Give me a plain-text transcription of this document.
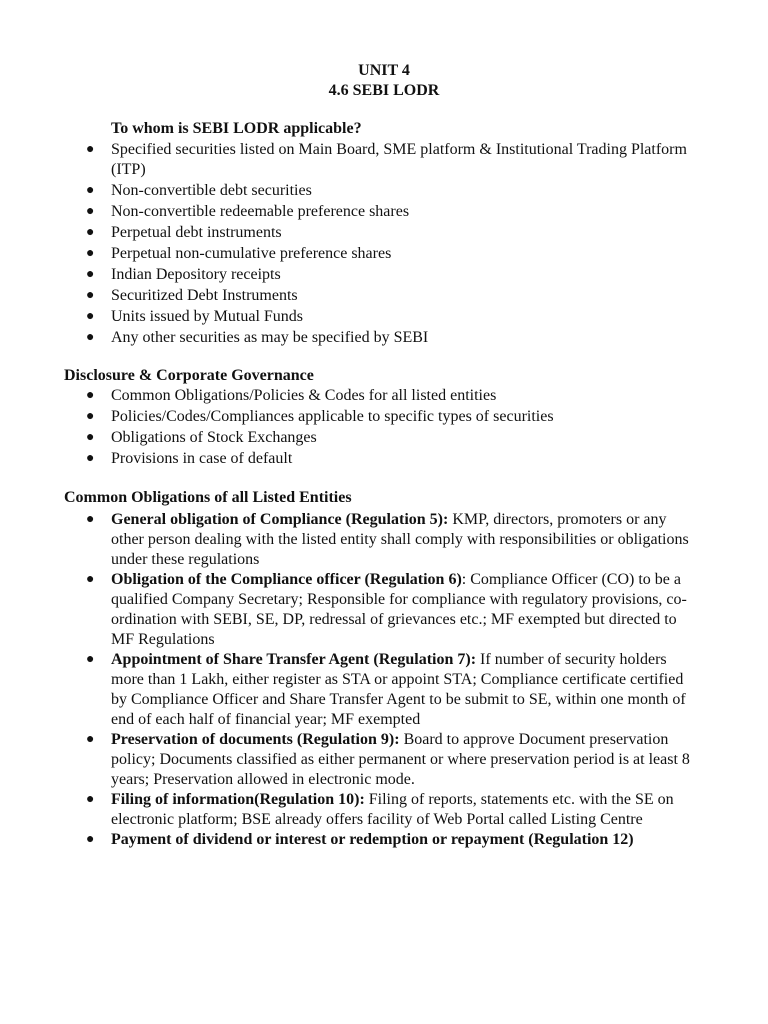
UNIT 4
4.6 SEBI LODR
To whom is SEBI LODR applicable?
● Specified securities listed on Main Board, SME platform & Institutional Trading Platform (ITP)
● Non-convertible debt securities
● Non-convertible redeemable preference shares
● Perpetual debt instruments
● Perpetual non-cumulative preference shares
● Indian Depository receipts
● Securitized Debt Instruments
● Units issued by Mutual Funds
● Any other securities as may be specified by SEBI
Disclosure & Corporate Governance
● Common Obligations/Policies & Codes for all listed entities
● Policies/Codes/Compliances applicable to specific types of securities
● Obligations of Stock Exchanges
● Provisions in case of default
Common Obligations of all Listed Entities
● General obligation of Compliance (Regulation 5): KMP, directors, promoters or any other person dealing with the listed entity shall comply with responsibilities or obligations under these regulations
● Obligation of the Compliance officer (Regulation 6): Compliance Officer (CO) to be a qualified Company Secretary; Responsible for compliance with regulatory provisions, co-ordination with SEBI, SE, DP, redressal of grievances etc.; MF exempted but directed to MF Regulations
● Appointment of Share Transfer Agent (Regulation 7): If number of security holders more than 1 Lakh, either register as STA or appoint STA; Compliance certificate certified by Compliance Officer and Share Transfer Agent to be submit to SE, within one month of end of each half of financial year; MF exempted
● Preservation of documents (Regulation 9): Board to approve Document preservation policy; Documents classified as either permanent or where preservation period is at least 8 years; Preservation allowed in electronic mode.
● Filing of information(Regulation 10): Filing of reports, statements etc. with the SE on electronic platform; BSE already offers facility of Web Portal called Listing Centre
● Payment of dividend or interest or redemption or repayment (Regulation 12)
